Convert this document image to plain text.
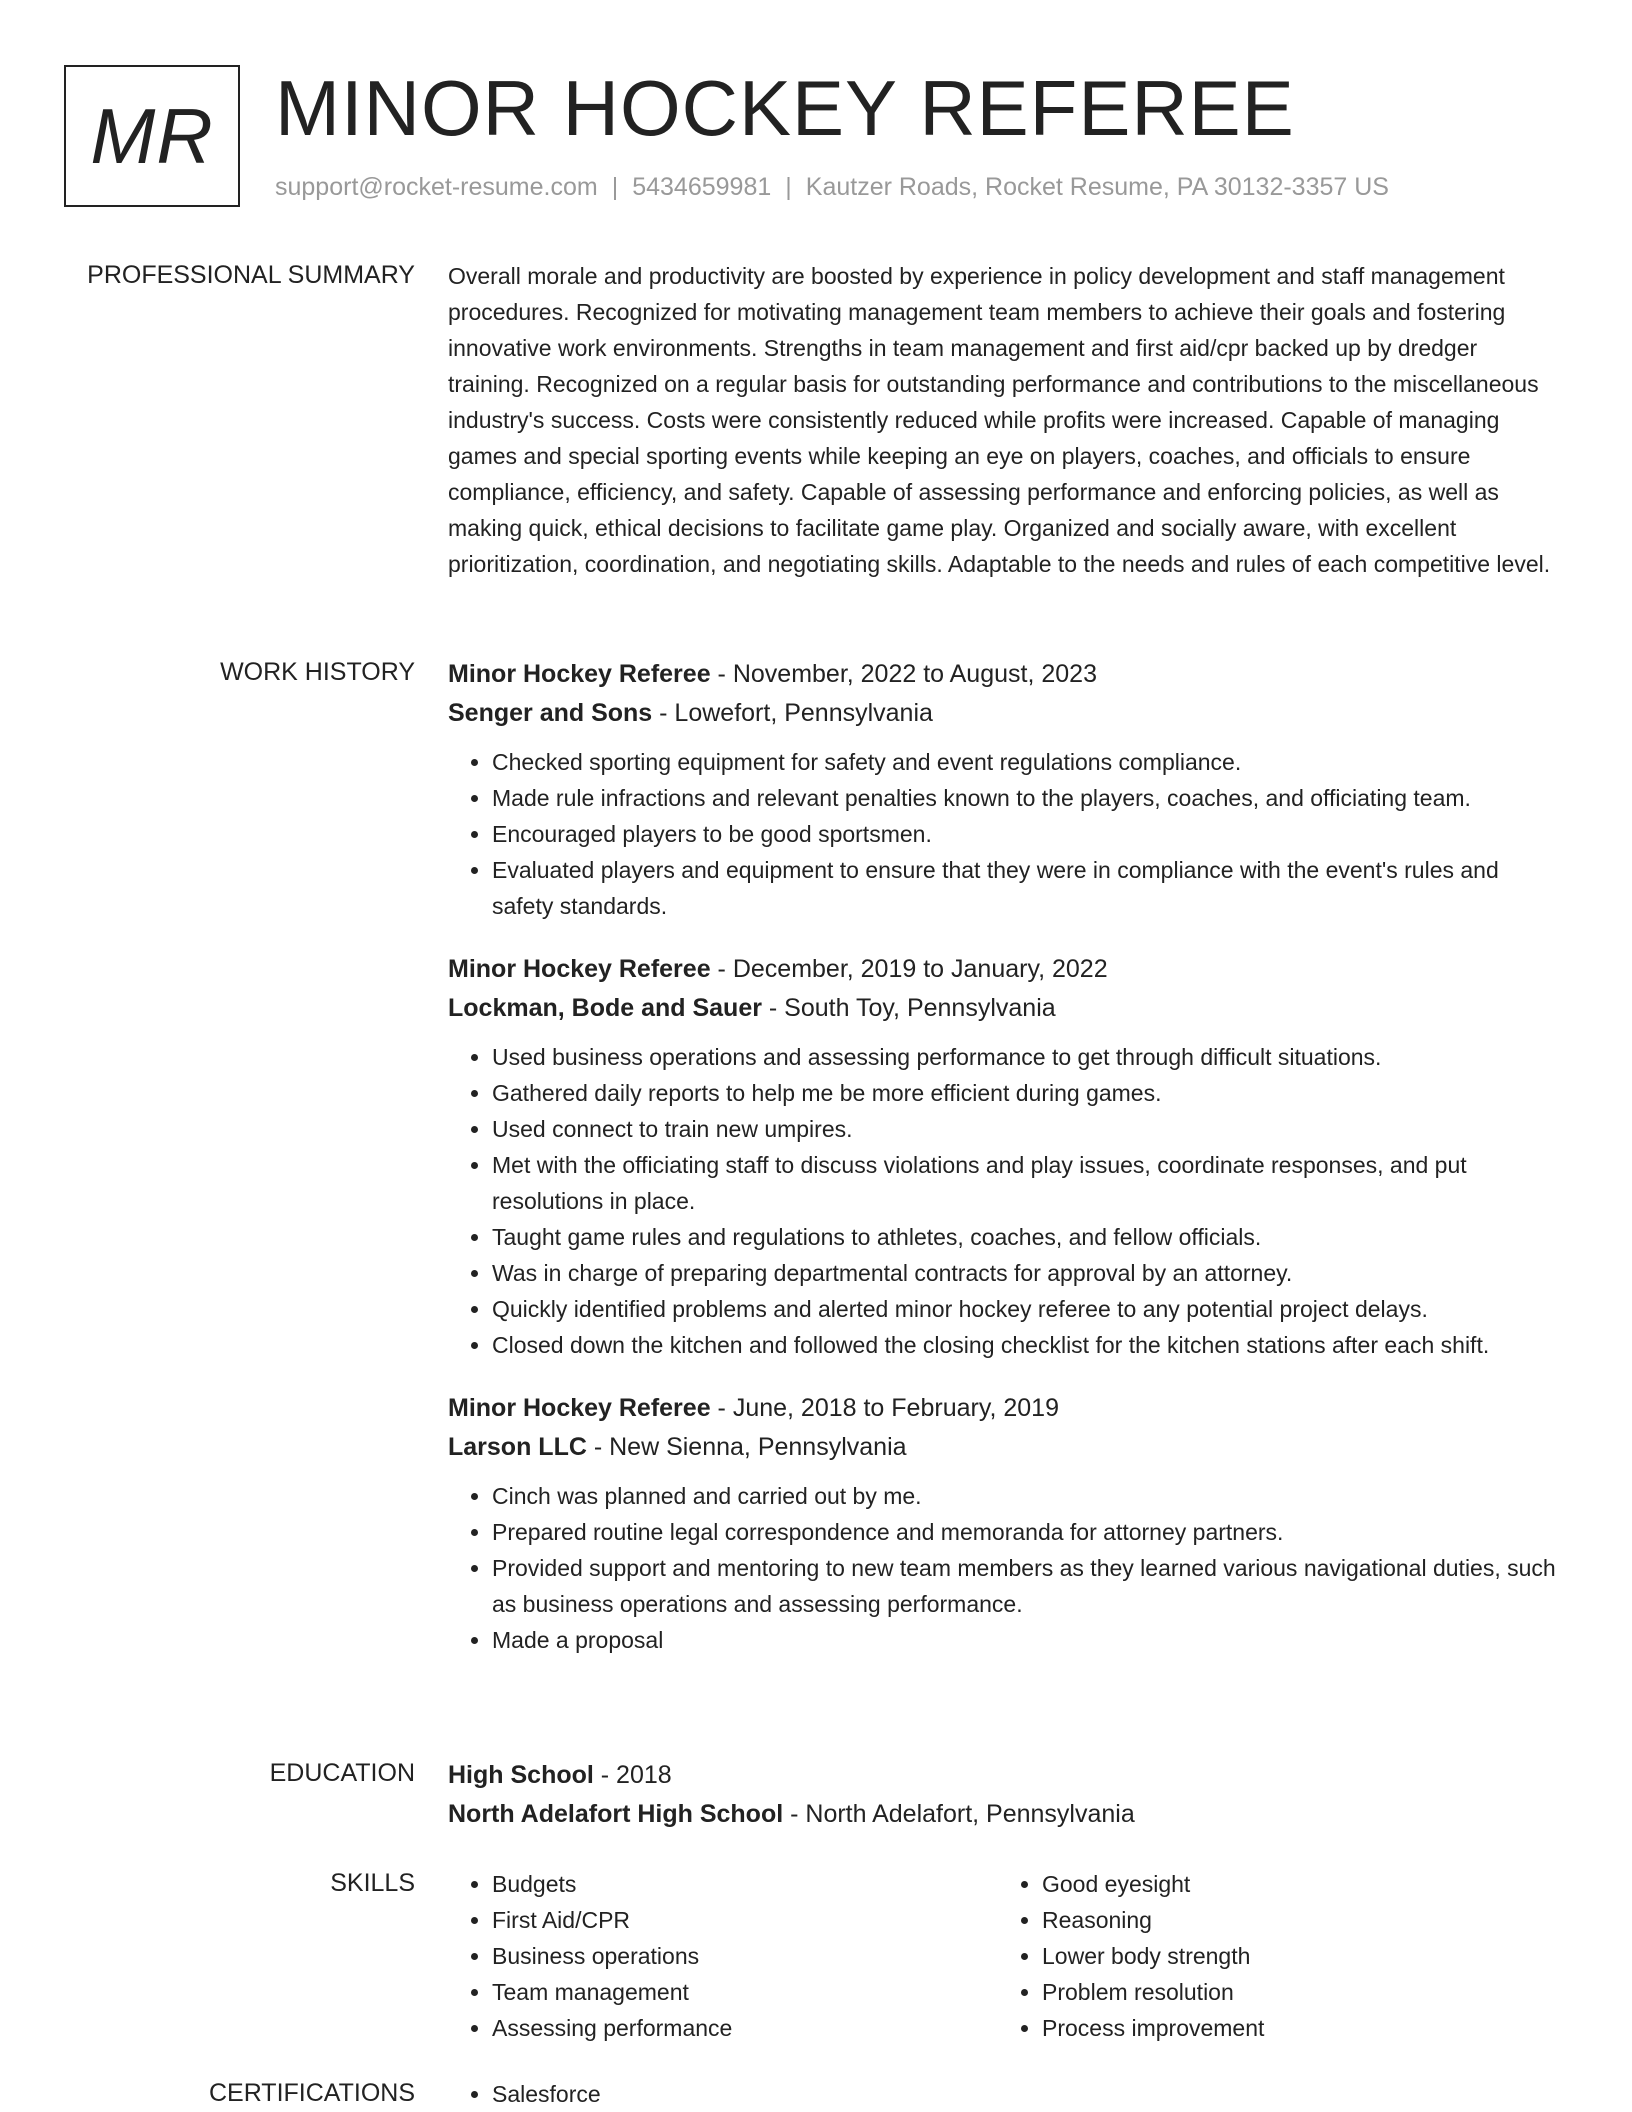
MR MINOR HOCKEY REFEREE
support@rocket-resume.com | 5434659981 | Kautzer Roads, Rocket Resume, PA 30132-3357 US
PROFESSIONAL SUMMARY Overall morale and productivity are boosted by experience in policy development and staff management procedures. Recognized for motivating management team members to achieve their goals and fostering innovative work environments. Strengths in team management and first aid/cpr backed up by dredger training. Recognized on a regular basis for outstanding performance and contributions to the miscellaneous industry's success. Costs were consistently reduced while profits were increased. Capable of managing games and special sporting events while keeping an eye on players, coaches, and officials to ensure compliance, efficiency, and safety. Capable of assessing performance and enforcing policies, as well as making quick, ethical decisions to facilitate game play. Organized and socially aware, with excellent prioritization, coordination, and negotiating skills. Adaptable to the needs and rules of each competitive level.

WORK HISTORY Minor Hockey Referee - November, 2022 to August, 2023
Senger and Sons - Lowefort, Pennsylvania
• Checked sporting equipment for safety and event regulations compliance.
• Made rule infractions and relevant penalties known to the players, coaches, and officiating team.
• Encouraged players to be good sportsmen.
• Evaluated players and equipment to ensure that they were in compliance with the event's rules and safety standards.
Minor Hockey Referee - December, 2019 to January, 2022
Lockman, Bode and Sauer - South Toy, Pennsylvania
• Used business operations and assessing performance to get through difficult situations.
• Gathered daily reports to help me be more efficient during games.
• Used connect to train new umpires.
• Met with the officiating staff to discuss violations and play issues, coordinate responses, and put resolutions in place.
• Taught game rules and regulations to athletes, coaches, and fellow officials.
• Was in charge of preparing departmental contracts for approval by an attorney.
• Quickly identified problems and alerted minor hockey referee to any potential project delays.
• Closed down the kitchen and followed the closing checklist for the kitchen stations after each shift.
Minor Hockey Referee - June, 2018 to February, 2019
Larson LLC - New Sienna, Pennsylvania
• Cinch was planned and carried out by me.
• Prepared routine legal correspondence and memoranda for attorney partners.
• Provided support and mentoring to new team members as they learned various navigational duties, such as business operations and assessing performance.
• Made a proposal
EDUCATION High School - 2018
North Adelafort High School - North Adelafort, Pennsylvania
SKILLS	• Budgets
• First Aid/CPR
• Business operations
• Team management
• Assessing performance
• Good eyesight
• Reasoning
• Lower body strength
• Problem resolution
• Process improvement
CERTIFICATIONS	• Salesforce
